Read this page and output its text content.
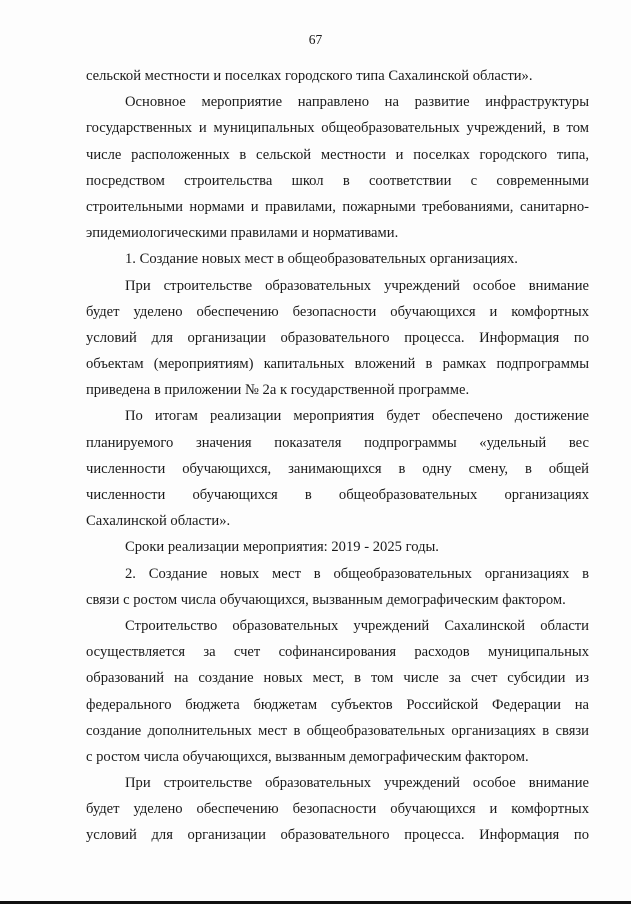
67
сельской местности и поселках городского типа Сахалинской области».
Основное мероприятие направлено на развитие инфраструктуры
государственных и муниципальных общеобразовательных учреждений, в том
числе расположенных в сельской местности и поселках городского типа,
посредством строительства школ в соответствии с современными
строительными нормами и правилами, пожарными требованиями, санитарно-
эпидемиологическими правилами и нормативами.
1. Создание новых мест в общеобразовательных организациях.
При строительстве образовательных учреждений особое внимание
будет уделено обеспечению безопасности обучающихся и комфортных
условий для организации образовательного процесса. Информация по
объектам (мероприятиям) капитальных вложений в рамках подпрограммы
приведена в приложении № 2а к государственной программе.
По итогам реализации мероприятия будет обеспечено достижение
планируемого значения показателя подпрограммы «удельный вес
численности обучающихся, занимающихся в одну смену, в общей
численности обучающихся в общеобразовательных организациях
Сахалинской области».
Сроки реализации мероприятия: 2019 - 2025 годы.
2. Создание новых мест в общеобразовательных организациях в
связи с ростом числа обучающихся, вызванным демографическим фактором.
Строительство образовательных учреждений Сахалинской области
осуществляется за счет софинансирования расходов муниципальных
образований на создание новых мест, в том числе за счет субсидии из
федерального бюджета бюджетам субъектов Российской Федерации на
создание дополнительных мест в общеобразовательных организациях в связи
с ростом числа обучающихся, вызванным демографическим фактором.
При строительстве образовательных учреждений особое внимание
будет уделено обеспечению безопасности обучающихся и комфортных
условий для организации образовательного процесса. Информация по
